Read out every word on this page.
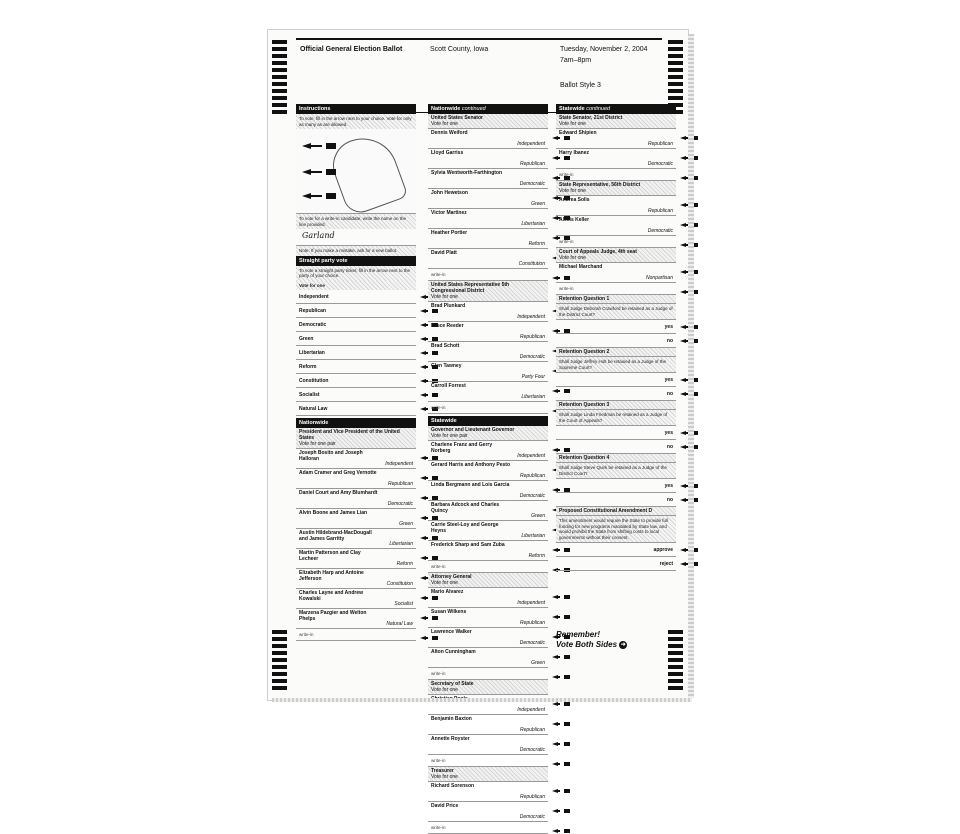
Official General Election Ballot	Scott County, Iowa	Tuesday, November 2, 2004
7am–8pm
Ballot Style 3
Instructions
To vote, fill in the arrow next to your choice. Vote for only as many as are allowed.
To vote for a write-in candidate, write the name on the line provided.
Garland
Note: If you make a mistake, ask for a new ballot.
Straight party vote
To vote a straight party ticket, fill in the arrow next to the party of your choice.
Vote for one
Independent
Republican
Democratic
Green
Libertarian
Reform
Constitution
Socialist
Natural Law
Nationwide
President and Vice President of the United States
Vote for one pair
Joseph Bosito and Joseph Halloran
Independent
Adam Cramer and Greg Vernotte
Republican
Daniel Court and Amy Blumhardt
Democratic
Alvin Boone and James Lian
Green
Austin Hildebrand-MacDougall and James Garritty
Libertarian
Martin Patterson and Clay Lecheer
Reform
Elizabeth Harp and Antoine Jefferson
Constitution
Charles Layne and Andrew Kowalski
Socialist
Marzena Pazgier and Welton Phelps
Natural Law
write-in
Nationwide continued
United States Senator
Vote for one
Dennis Weiford
Independent
Lloyd Garriss
Republican
Sylvia Wentworth-Farthington
Democratic
John Hewetson
Green
Victor Martinez
Libertarian
Heather Portier
Reform
David Platt
Constitution
write-in
United States Representative 5th Congressional District
Vote for one
Brad Plunkard
Independent
Bruce Reeder
Republican
Brad Schott
Democratic
Glen Tawney
Party Four
Carroll Forrest
Libertarian
write-in
Statewide
Governor and Lieutenant Governor
Vote for one pair
Charlene Franz and Gerry Norberg
Independent
Gerard Harris and Anthony Pesto
Republican
Linda Bergmann and Lois Garcia
Democratic
Barbara Adcock and Charles Quincy
Green
Carrie Steel-Loy and George Heyns
Libertarian
Frederick Sharp and Sam Zuba
Reform
write-in
Attorney General
Vote for one
Mario Alvarez
Independent
Susan Wilkens
Republican
Lawrence Walker
Democratic
Alton Cunningham
Green
write-in
Secretary of State
Vote for one
Independent
Benjamin Baxton
Republican
Annette Royster
Democratic
write-in
Treasurer
Vote for one
Richard Sorenson
Republican
David Price
Democratic
write-in
Statewide continued
State Senator, 21st District
Vote for one
Edward Shipien
Republican
Harry Ibanez
Democratic
write-in
State Representative, 56th District
Vote for one
Andrea Solis
Republican
Alexis Keller
Democratic
write-in
Court of Appeals Judge, 4th seat
Vote for one
Michael Marchand
Nonpartisan
write-in
Retention Question 1
Shall Judge Deborah Crawford be retained as a Judge of the District Court?
yes
no
Retention Question 2
Shall Judge Jeffrey Holt be retained as a Judge of the Supreme Court?
yes
no
Retention Question 3
Shall Judge Linda Friedman be retained as a Judge of the Court of Appeals?
yes
no
Retention Question 4
Shall Judge Steve Quirk be retained as a Judge of the District Court?
yes
no
Proposed Constitutional Amendment D
This amendment would require the State to provide full funding for new programs mandated by State law, and would prohibit the State from shifting costs to local governments without their consent.
approve
reject
Remember!
Vote Both Sides ➜
